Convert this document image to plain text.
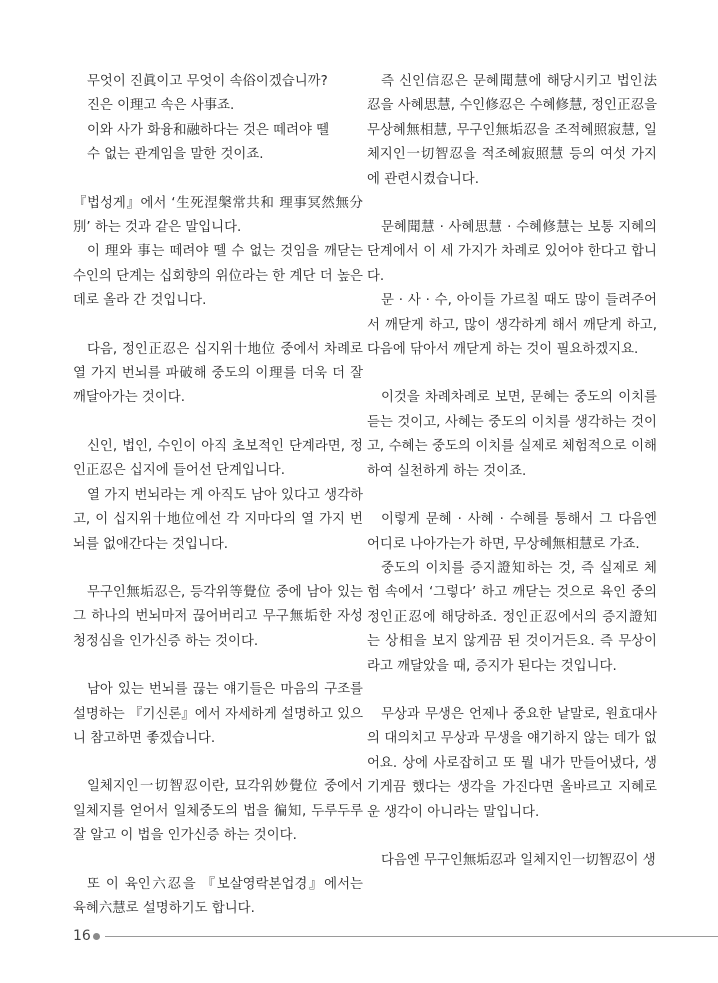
무엇이 진眞이고 무엇이 속俗이겠습니까?

진은 이理고 속은 사事죠.

이와 사가 화융和融하다는 것은 떼려야 뗄

수 없는 관계임을 말한 것이죠.

『법성게』에서 ‘生死涅槃常共和 理事冥然無分別’ 하는 것과 같은 말입니다.

이 理와 事는 떼려야 뗄 수 없는 것임을 깨닫는 수인의 단계는 십회향의 위位라는 한 계단 더 높은 데로 올라 간 것입니다.

다음, 정인正忍은 십지위十地位 중에서 차례로 열 가지 번뇌를 파破해 중도의 이理를 더욱 더 잘 깨달아가는 것이다.

신인, 법인, 수인이 아직 초보적인 단계라면, 정인正忍은 십지에 들어선 단계입니다.

열 가지 번뇌라는 게 아직도 남아 있다고 생각하고, 이 십지위十地位에선 각 지마다의 열 가지 번뇌를 없애간다는 것입니다.

무구인無垢忍은, 등각위等覺位 중에 남아 있는 그 하나의 번뇌마저 끊어버리고 무구無垢한 자성청정심을 인가신증 하는 것이다.

남아 있는 번뇌를 끊는 얘기들은 마음의 구조를 설명하는 『기신론』에서 자세하게 설명하고 있으니 참고하면 좋겠습니다.

일체지인一切智忍이란, 묘각위妙覺位 중에서 일체지를 얻어서 일체중도의 법을 徧知, 두루두루 잘 알고 이 법을 인가신증 하는 것이다.

또 이 육인六忍을 『보살영락본업경』에서는 육혜六慧로 설명하기도 합니다.

즉 신인信忍은 문혜聞慧에 해당시키고 법인法忍을 사혜思慧, 수인修忍은 수혜修慧, 정인正忍을 무상혜無相慧, 무구인無垢忍을 조적혜照寂慧, 일체지인一切智忍을 적조혜寂照慧 등의 여섯 가지에 관련시켰습니다.

문혜聞慧 · 사혜思慧 · 수혜修慧는 보통 지혜의 단계에서 이 세 가지가 차례로 있어야 한다고 합니다.

문 · 사 · 수, 아이들 가르칠 때도 많이 들려주어서 깨닫게 하고, 많이 생각하게 해서 깨닫게 하고, 다음에 닦아서 깨닫게 하는 것이 필요하겠지요.

이것을 차례차례로 보면, 문혜는 중도의 이치를 듣는 것이고, 사혜는 중도의 이치를 생각하는 것이고, 수혜는 중도의 이치를 실제로 체험적으로 이해하여 실천하게 하는 것이죠.

이렇게 문혜 · 사혜 · 수혜를 통해서 그 다음엔 어디로 나아가는가 하면, 무상혜無相慧로 가죠.

중도의 이치를 증지證知하는 것, 즉 실제로 체험 속에서 ‘그렇다’ 하고 깨닫는 것으로 육인 중의 정인正忍에 해당하죠. 정인正忍에서의 증지證知는 상相을 보지 않게끔 된 것이거든요. 즉 무상이라고 깨달았을 때, 증지가 된다는 것입니다.

무상과 무생은 언제나 중요한 낱말로, 원효대사의 대의치고 무상과 무생을 얘기하지 않는 데가 없어요. 상에 사로잡히고 또 뭘 내가 만들어냈다, 생기게끔 했다는 생각을 가진다면 올바르고 지혜로운 생각이 아니라는 말입니다.

다음엔 무구인無垢忍과 일체지인一切智忍이 생

16
